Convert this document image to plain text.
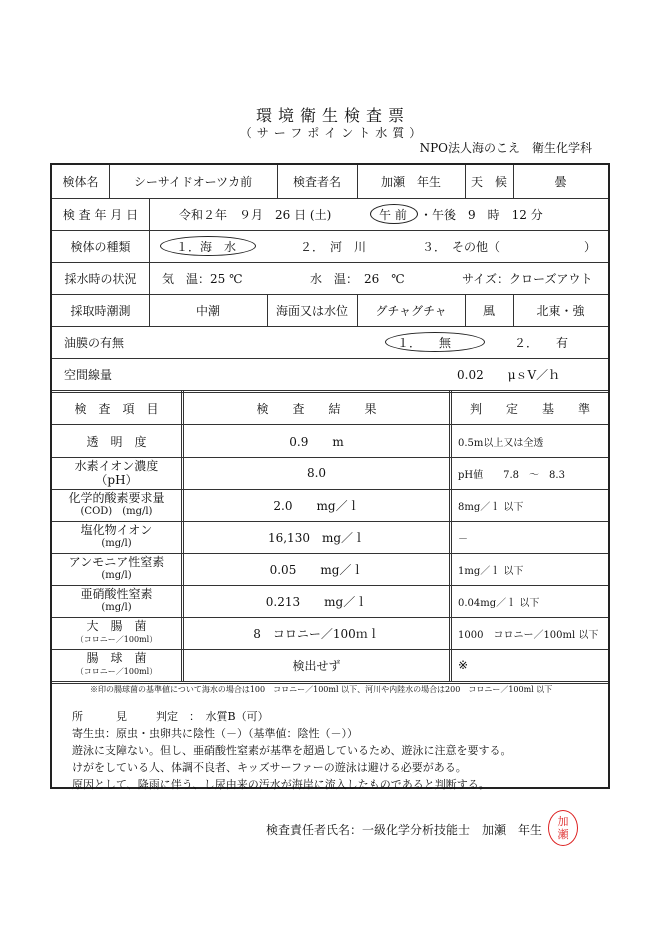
環境衛生検査票
（サーフポイント水質）
NPO法人海のこえ　衛生化学科
検体名	シーサイドオーツカ前	検査者名	加瀬　年生	天　候	曇
検 査 年 月 日	令和２年　９月　26 日 (土)	午 前 ・午後　9　時　12 分
検体の種類	１．海　水	２．　河　川	３．　その他（　　　　　　　）
採水時の状況	気　温：25 ℃	水　温：　26　℃	サイズ：クローズアウト
採取時潮測	中潮	海面又は水位	グチャグチャ	風	北東・強
油膜の有無	１．　　無	２．　　有
空間線量	0.02　　μｓV／ｈ
検　査　項　目	検　　査　　結　　果	判　　定　　基　　準
透　明　度	0.9　　m	0.5m以上又は全透
水素イオン濃度
（pH）	8.0	pH値　　7.8　～　8.3
化学的酸素要求量
(COD)　(mg/l)	2.0　　mg／ｌ	8mg／ｌ 以下
塩化物イオン
(mg/l)	16,130　mg／ｌ	－
アンモニア性窒素
(mg/l)	0.05　　mg／ｌ	1mg／ｌ 以下
亜硝酸性窒素
(mg/l)	0.213　　mg／ｌ	0.04mg／ｌ 以下
大　腸　菌
（コロニー／100ml）	8　コロニー／100ｍｌ	1000　コロニー／100ml 以下
腸　球　菌
（コロニー／100ml）	検出せず	※
※印の腸球菌の基準値について海水の場合は100　コロニー／100ml 以下、河川や内陸水の場合は200　コロニー／100ml 以下
所　　　見	判定　：　水質B（可）
寄生虫：原虫・虫卵共に陰性（－）（基準値：陰性（－））
遊泳に支障ない。但し、亜硝酸性窒素が基準を超過しているため、遊泳に注意を要する。
けがをしている人、体調不良者、キッズサーファーの遊泳は避ける必要がある。
原因として、降雨に伴う、し尿由来の汚水が海岸に流入したものであると判断する。
検査責任者氏名：一級化学分析技能士　加瀬　年生
加
瀬
